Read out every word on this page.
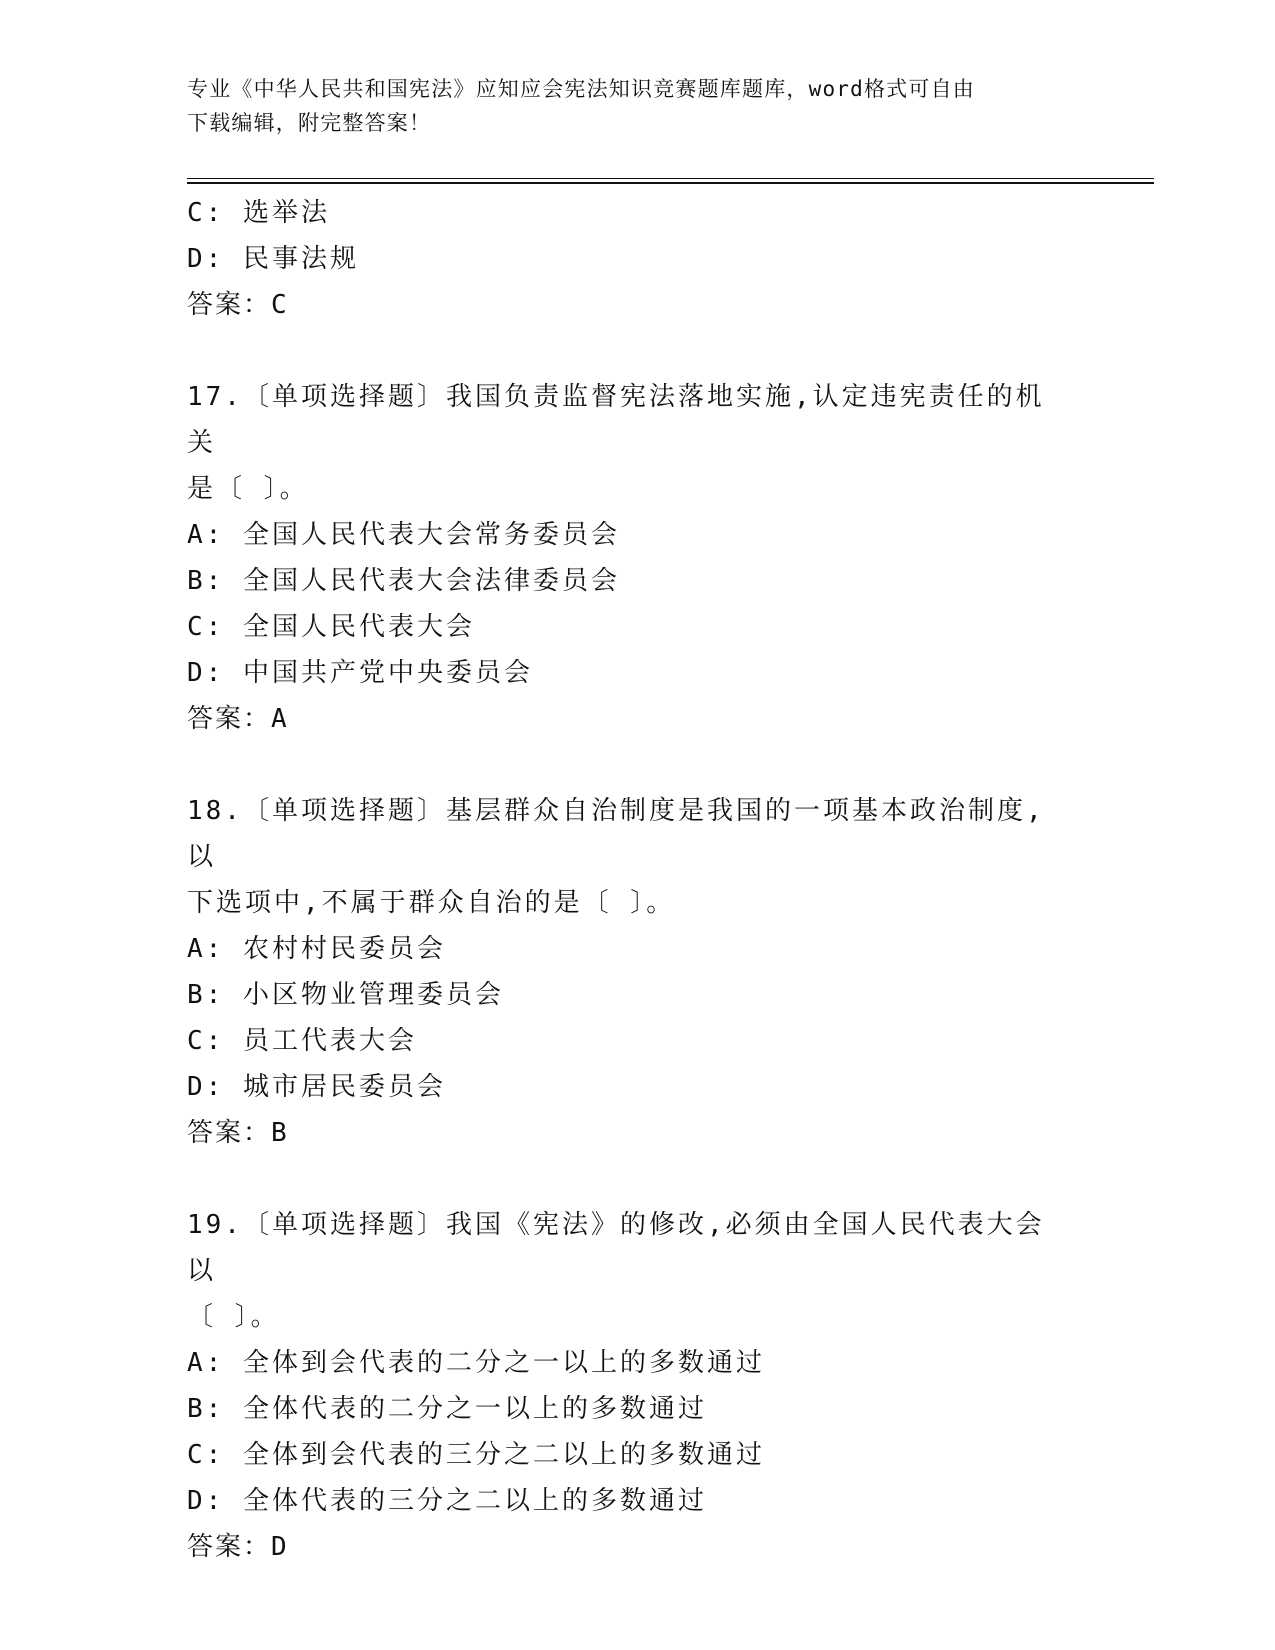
专业《中华人民共和国宪法》应知应会宪法知识竞赛题库题库，word格式可自由
下载编辑，附完整答案！
C: 选举法
D: 民事法规
答案：C
17.〔单项选择题〕我国负责监督宪法落地实施,认定违宪责任的机关
是〔 〕。
A: 全国人民代表大会常务委员会
B: 全国人民代表大会法律委员会
C: 全国人民代表大会
D: 中国共产党中央委员会
答案：A
18.〔单项选择题〕基层群众自治制度是我国的一项基本政治制度,以
下选项中,不属于群众自治的是〔 〕。
A: 农村村民委员会
B: 小区物业管理委员会
C: 员工代表大会
D: 城市居民委员会
答案：B
19.〔单项选择题〕我国《宪法》的修改,必须由全国人民代表大会以
〔 〕。
A: 全体到会代表的二分之一以上的多数通过
B: 全体代表的二分之一以上的多数通过
C: 全体到会代表的三分之二以上的多数通过
D: 全体代表的三分之二以上的多数通过
答案：D
